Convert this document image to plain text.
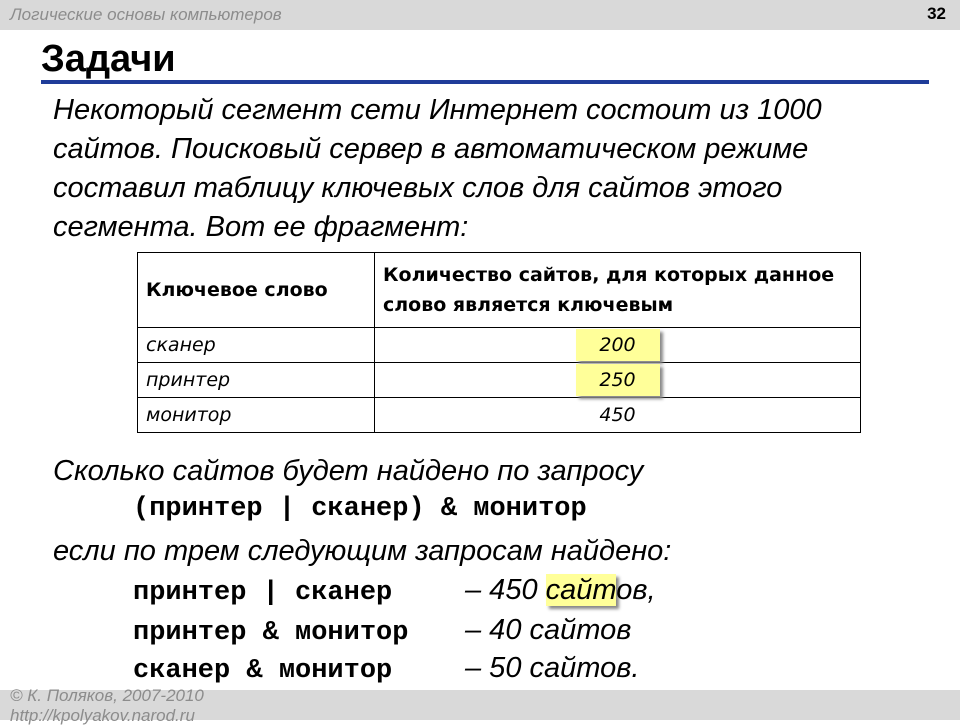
Логические основы компьютеров	32
Задачи

Некоторый сегмент сети Интернет состоит из 1000 сайтов. Поисковый сервер в автоматическом режиме составил таблицу ключевых слов для сайтов этого сегмента. Вот ее фрагмент:

Ключевое слово	Количество сайтов, для которых данное слово является ключевым
сканер	200
принтер	250
монитор	450

Сколько сайтов будет найдено по запросу

(принтер | сканер) & монитор

если по трем следующим запросам найдено:

принтер | сканер	– 450 сайтов,
принтер & монитор – 40 сайтов
сканер & монитор	– 50 сайтов.
© К. Поляков, 2007-2010
http://kpolyakov.narod.ru
